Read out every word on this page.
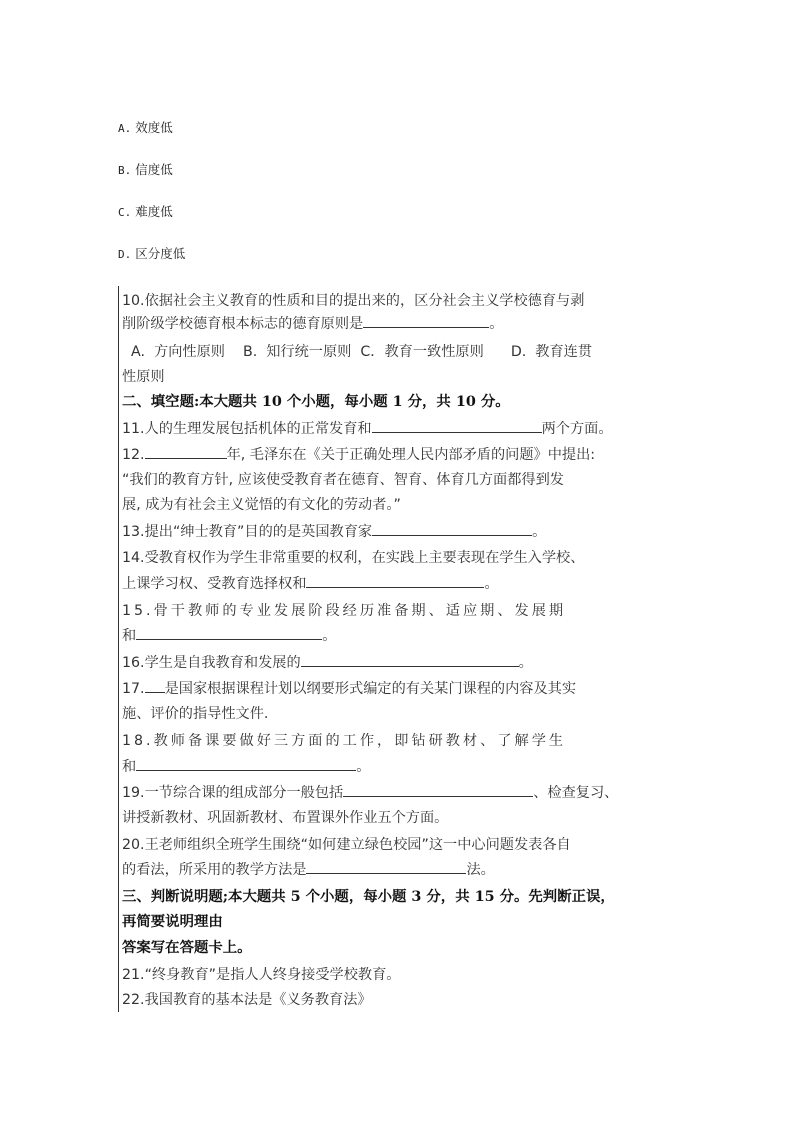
A. 效度低
B. 信度低
C. 难度低
D. 区分度低
10.依据社会主义教育的性质和目的提出来的，区分社会主义学校德育与剥
削阶级学校德育根本标志的德育原则是	。
A.  方向性原则    B.  知行统一原则  C．教育一致性原则      D.  教育连贯
性原则
二、填空题:本大题共 10 个小题，每小题 1 分，共 10 分。
11.人的生理发展包括机体的正常发育和	两个方面。
12.	年, 毛泽东在《关于正确处理人民内部矛盾的问题》中提出:
“我们的教育方针, 应该使受教育者在德育、智育、体育几方面都得到发
展, 成为有社会主义觉悟的有文化的劳动者。”
13.提出“绅士教育”目的的是英国教育家	。
14.受教育权作为学生非常重要的权利，在实践上主要表现在学生入学校、
上课学习权、受教育选择权和	。
15.骨干教师的专业发展阶段经历准备期、适应期、发展期
和	。
16.学生是自我教育和发展的	。
17. 是国家根据课程计划以纲要形式编定的有关某门课程的内容及其实
施、评价的指导性文件.
18.教师备课要做好三方面的工作，即钻研教材、了解学生
和	。
19.一节综合课的组成部分一般包括	、检查复习、
讲授新教材、巩固新教材、布置课外作业五个方面。
20.王老师组织全班学生围绕“如何建立绿色校园”这一中心问题发表各自
的看法，所采用的教学方法是	法。
三、判断说明题;本大题共 5 个小题，每小题 3 分，共 15 分。先判断正误，
再简要说明理由
答案写在答题卡上。
21.“终身教育”是指人人终身接受学校教育。
22.我国教育的基本法是《义务教育法》
